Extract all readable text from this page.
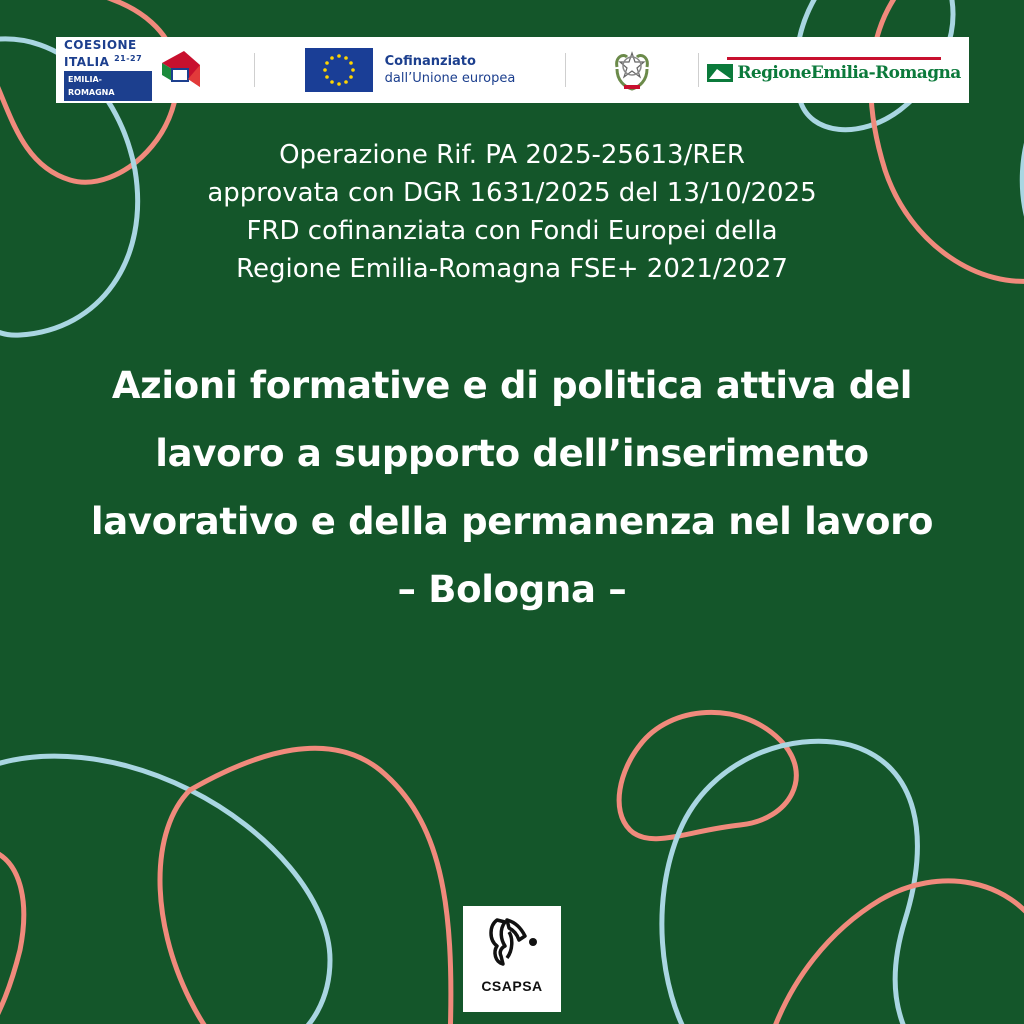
COESIONE
ITALIA $^{21-27}$
EMILIA-ROMAGNA
Cofinanziato
dall’Unione europea	RegioneEmilia-Romagna
Operazione Rif. PA 2025-25613/RER
approvata con DGR 1631/2025 del 13/10/2025
FRD cofinanziata con Fondi Europei della
Regione Emilia-Romagna FSE+ 2021/2027
Azioni formative e di politica attiva del
lavoro a supporto dell’inserimento
lavorativo e della permanenza nel lavoro
– Bologna –
CSAPSA
